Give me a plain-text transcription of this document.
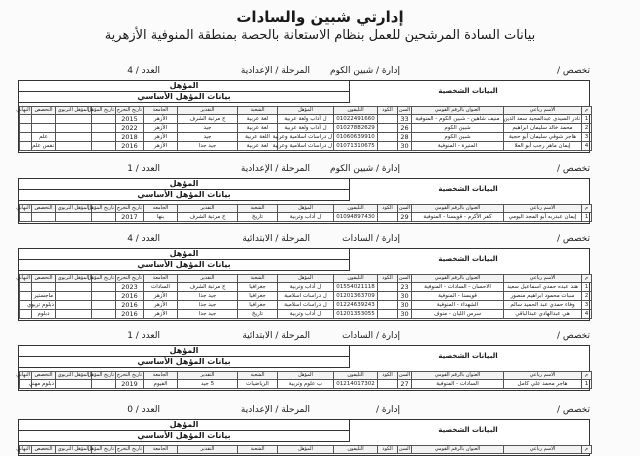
إدارتي شبين والسادات
بيانات السادة المرشحين للعمل بنظام الاستعانة بالحصة بمنطقة المنوفية الأزهرية
تخصص /
إدارة / شبين الكوم
المرحلة / الإعدادية
العدد / 4
المؤهل
بيانات المؤهل الأساسي
البيانات الشخصية
م	الاسم رباعي	العنوان بالرقم القومي	السن	الكود	التليفون	المؤهل	الشعبة	التقدير	الجامعة	تاريخ التخرج	تاريخ المؤهل	المؤهل التربوي	التخصص	النهاني
1	نادر السيدي عبدالمجيد سعد الدين	منيف شاهين - شبين الكوم - المنوفية	33		01022491660	ل أداب ولغة عربية	لغة عربية	ج مرتبة الشرف	الأزهر	2015				
2	محمد خالد سليمان ابراهيم	شبين الكوم	26		01027882629	ل أداب ولغة عربية	لغة عربية	جيد	الأزهر	2022				
3	هاجر شوقي سليمان أبو حجية	شبين الكوم	28		01060639910	ل دراسات اسلامية وعربية	اللغة عربية	جيد	الأزهر	2018			علم	
4	إيمان ماهر رجب أبو العلا	المنيرة - المنوفية	30		01071310675	ل دراسات اسلامية وعربية	لغة عربية	جيد جدا	الأزهر	2016			نفس علم	
تخصص /
إدارة / شبين الكوم
المرحلة / الإعدادية
العدد / 1
المؤهل
بيانات المؤهل الأساسي
البيانات الشخصية
م	الاسم رباعي	العنوان بالرقم القومي	السن	الكود	التليفون	المؤهل	الشعبة	التقدير	الجامعة	تاريخ التخرج	تاريخ المؤهل	المؤهل التربوي	التخصص	النهاني
1	إيمان عبدربه أبو المجد اليومي	كفر الأكرم - قويسنا - المنوفية	29		01094897430	ل أداب وتربية	تاريخ	ج مرتبة الشرف	بنها	2017				
تخصص /
إدارة / السادات
المرحلة / الابتدائية
العدد / 4
المؤهل
بيانات المؤهل الأساسي
البيانات الشخصية
م	الاسم رباعي	العنوان بالرقم القومي	السن	الكود	التليفون	المؤهل	الشعبة	التقدير	الجامعة	تاريخ التخرج	تاريخ المؤهل	المؤهل التربوي	التخصص	النهاني
1	هند عبده حمدي اسماعيل سعيد	الاحسان - السادات - المنوفية	23		01554021118	ل أداب وتربية	جغرافيا	ج مرتبة الشرف	السادات	2023				
2	سبات محمود ابراهيم منصور	قويسنا - المنوفية	30		01201363709	ل دراسات اسلامية	جغرافيا	جيد جدا	الأزهر	2016			ماجستير	
3	وفاء حمدي عبد الحميد سالم	الشهداء - المنوفية	30		01224639243	ل دراسات اسلامية	جغرافيا	جيد جدا	الأزهر	2016			دبلوم تربوي	
4	هي عبدالهادي عبدالباقي	سرس الليان - منوف	30		01201353055	ل أداب وتربية	تاريخ	جيد جدا	الأزهر	2016			دبلوم	
تخصص /
إدارة / السادات
المرحلة / الابتدائية
العدد / 1
المؤهل
بيانات المؤهل الأساسي
البيانات الشخصية
م	الاسم رباعي	العنوان بالرقم القومي	السن	الكود	التليفون	المؤهل	الشعبة	التقدير	الجامعة	تاريخ التخرج	تاريخ المؤهل	المؤهل التربوي	التخصص	النهاني
1	هاجر محمد علي كامل	السادات - المنوفية	27		01214017302	ب علوم وتربية	الرياضيات	5 جيد	الفيوم	2019			دبلوم مهني	
تخصص /
إدارة /
المرحلة / الإعدادية
العدد / 0
المؤهل
بيانات المؤهل الأساسي
البيانات الشخصية
م	الاسم رباعي	العنوان بالرقم القومي	السن	الكود	التليفون	المؤهل	الشعبة	التقدير	الجامعة	تاريخ التخرج	تاريخ المؤهل	المؤهل التربوي	التخصص	النهاني
